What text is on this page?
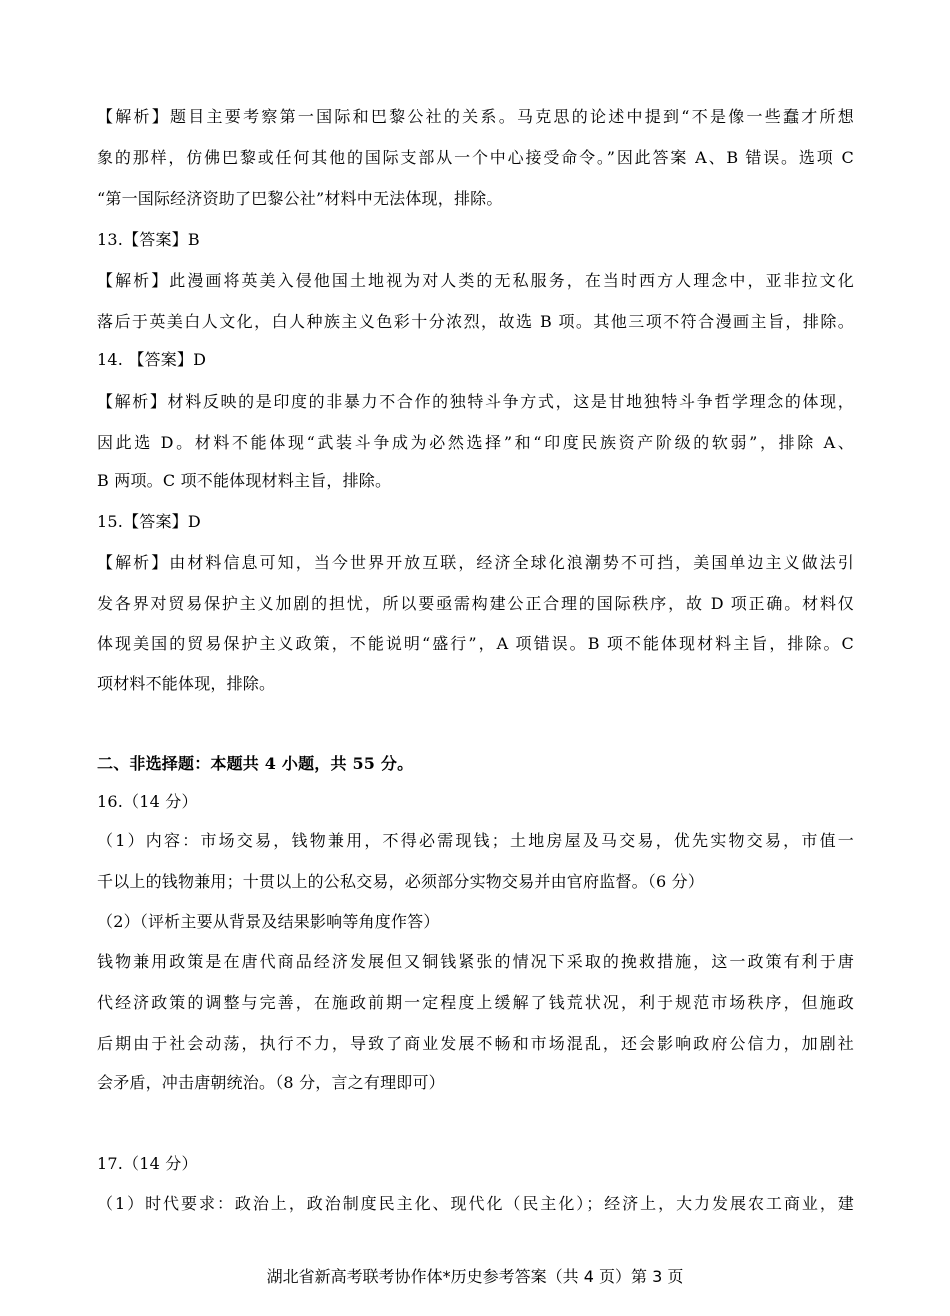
【解析】题目主要考察第一国际和巴黎公社的关系。马克思的论述中提到“不是像一些蠢才所想
象的那样，仿佛巴黎或任何其他的国际支部从一个中心接受命令。”因此答案 A、B 错误。选项 C
“第一国际经济资助了巴黎公社”材料中无法体现，排除。
13.【答案】B
【解析】此漫画将英美入侵他国土地视为对人类的无私服务，在当时西方人理念中，亚非拉文化
落后于英美白人文化，白人种族主义色彩十分浓烈，故选 B 项。其他三项不符合漫画主旨，排除。
14. 【答案】D
【解析】材料反映的是印度的非暴力不合作的独特斗争方式，这是甘地独特斗争哲学理念的体现，
因此选 D。材料不能体现“武装斗争成为必然选择”和“印度民族资产阶级的软弱”，排除 A、
B 两项。C 项不能体现材料主旨，排除。
15.【答案】D
【解析】由材料信息可知，当今世界开放互联，经济全球化浪潮势不可挡，美国单边主义做法引
发各界对贸易保护主义加剧的担忧，所以要亟需构建公正合理的国际秩序，故 D 项正确。材料仅
体现美国的贸易保护主义政策，不能说明“盛行”，A 项错误。B 项不能体现材料主旨，排除。C
项材料不能体现，排除。
二、非选择题：本题共 4 小题，共 55 分。
16.（14 分）
（1）内容：市场交易，钱物兼用，不得必需现钱；土地房屋及马交易，优先实物交易，市值一
千以上的钱物兼用；十贯以上的公私交易，必须部分实物交易并由官府监督。（6 分）
（2）（评析主要从背景及结果影响等角度作答）
钱物兼用政策是在唐代商品经济发展但又铜钱紧张的情况下采取的挽救措施，这一政策有利于唐
代经济政策的调整与完善，在施政前期一定程度上缓解了钱荒状况，利于规范市场秩序，但施政
后期由于社会动荡，执行不力，导致了商业发展不畅和市场混乱，还会影响政府公信力，加剧社
会矛盾，冲击唐朝统治。（8 分，言之有理即可）
17.（14 分）
（1）时代要求：政治上，政治制度民主化、现代化（民主化）；经济上，大力发展农工商业，建
湖北省新高考联考协作体*历史参考答案（共 4 页）第 3 页
